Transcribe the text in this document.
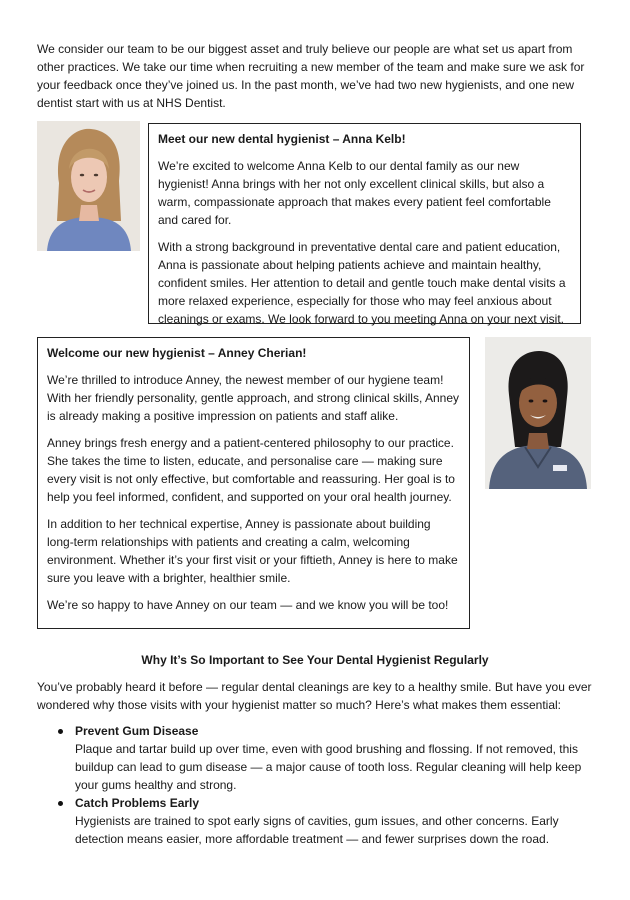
We consider our team to be our biggest asset and truly believe our people are what set us apart from other practices. We take our time when recruiting a new member of the team and make sure we ask for your feedback once they’ve joined us. In the past month, we’ve had two new hygienists, and one new dentist start with us at NHS Dentist.

Meet our new dental hygienist – Anna Kelb!

We’re excited to welcome Anna Kelb to our dental family as our new hygienist! Anna brings with her not only excellent clinical skills, but also a warm, compassionate approach that makes every patient feel comfortable and cared for.

With a strong background in preventative dental care and patient education, Anna is passionate about helping patients achieve and maintain healthy, confident smiles. Her attention to detail and gentle touch make dental visits a more relaxed experience, especially for those who may feel anxious about cleanings or exams. We look forward to you meeting Anna on your next visit.

Welcome our new hygienist – Anney Cherian!

We’re thrilled to introduce Anney, the newest member of our hygiene team! With her friendly personality, gentle approach, and strong clinical skills, Anney is already making a positive impression on patients and staff alike.

Anney brings fresh energy and a patient-centered philosophy to our practice. She takes the time to listen, educate, and personalise care — making sure every visit is not only effective, but comfortable and reassuring. Her goal is to help you feel informed, confident, and supported on your oral health journey.

In addition to her technical expertise, Anney is passionate about building long-term relationships with patients and creating a calm, welcoming environment. Whether it’s your first visit or your fiftieth, Anney is here to make sure you leave with a brighter, healthier smile.

We’re so happy to have Anney on our team — and we know you will be too!

Why It’s So Important to See Your Dental Hygienist Regularly

You’ve probably heard it before — regular dental cleanings are key to a healthy smile. But have you ever wondered why those visits with your hygienist matter so much? Here’s what makes them essential:

Prevent Gum Disease
Plaque and tartar build up over time, even with good brushing and flossing. If not removed, this buildup can lead to gum disease — a major cause of tooth loss. Regular cleaning will help keep your gums healthy and strong.
Catch Problems Early
Hygienists are trained to spot early signs of cavities, gum issues, and other concerns. Early detection means easier, more affordable treatment — and fewer surprises down the road.
